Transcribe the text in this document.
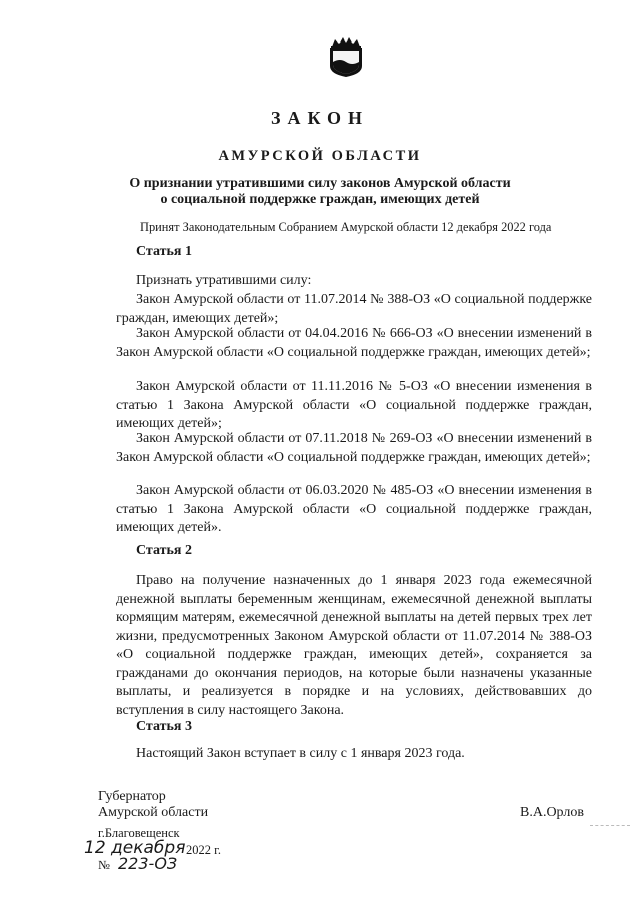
ЗАКОН
АМУРСКОЙ ОБЛАСТИ
О признании утратившими силу законов Амурской области
о социальной поддержке граждан, имеющих детей
Принят Законодательным Собранием Амурской области 12 декабря 2022 года
Статья 1
Признать утратившими силу:
Закон Амурской области от 11.07.2014 № 388-ОЗ «О социальной поддержке граждан, имеющих детей»;
Закон Амурской области от 04.04.2016 № 666-ОЗ «О внесении изменений в Закон Амурской области «О социальной поддержке граждан, имеющих детей»;
Закон Амурской области от 11.11.2016 № 5-ОЗ «О внесении изменения в статью 1 Закона Амурской области «О социальной поддержке граждан, имеющих детей»;
Закон Амурской области от 07.11.2018 № 269-ОЗ «О внесении изменений в Закон Амурской области «О социальной поддержке граждан, имеющих детей»;
Закон Амурской области от 06.03.2020 № 485-ОЗ «О внесении изменения в статью 1 Закона Амурской области «О социальной поддержке граждан, имеющих детей».
Статья 2
Право на получение назначенных до 1 января 2023 года ежемесячной денежной выплаты беременным женщинам, ежемесячной денежной выплаты кормящим матерям, ежемесячной денежной выплаты на детей первых трех лет жизни, предусмотренных Законом Амурской области от 11.07.2014 № 388-ОЗ «О социальной поддержке граждан, имеющих детей», сохраняется за гражданами до окончания периодов, на которые были назначены указанные выплаты, и реализуется в порядке и на условиях, действовавших до вступления в силу настоящего Закона.
Статья 3
Настоящий Закон вступает в силу с 1 января 2023 года.
Губернатор
Амурской области	В.А.Орлов
г.Благовещенск
12 декабря 2022 г.
№ 223-ОЗ
